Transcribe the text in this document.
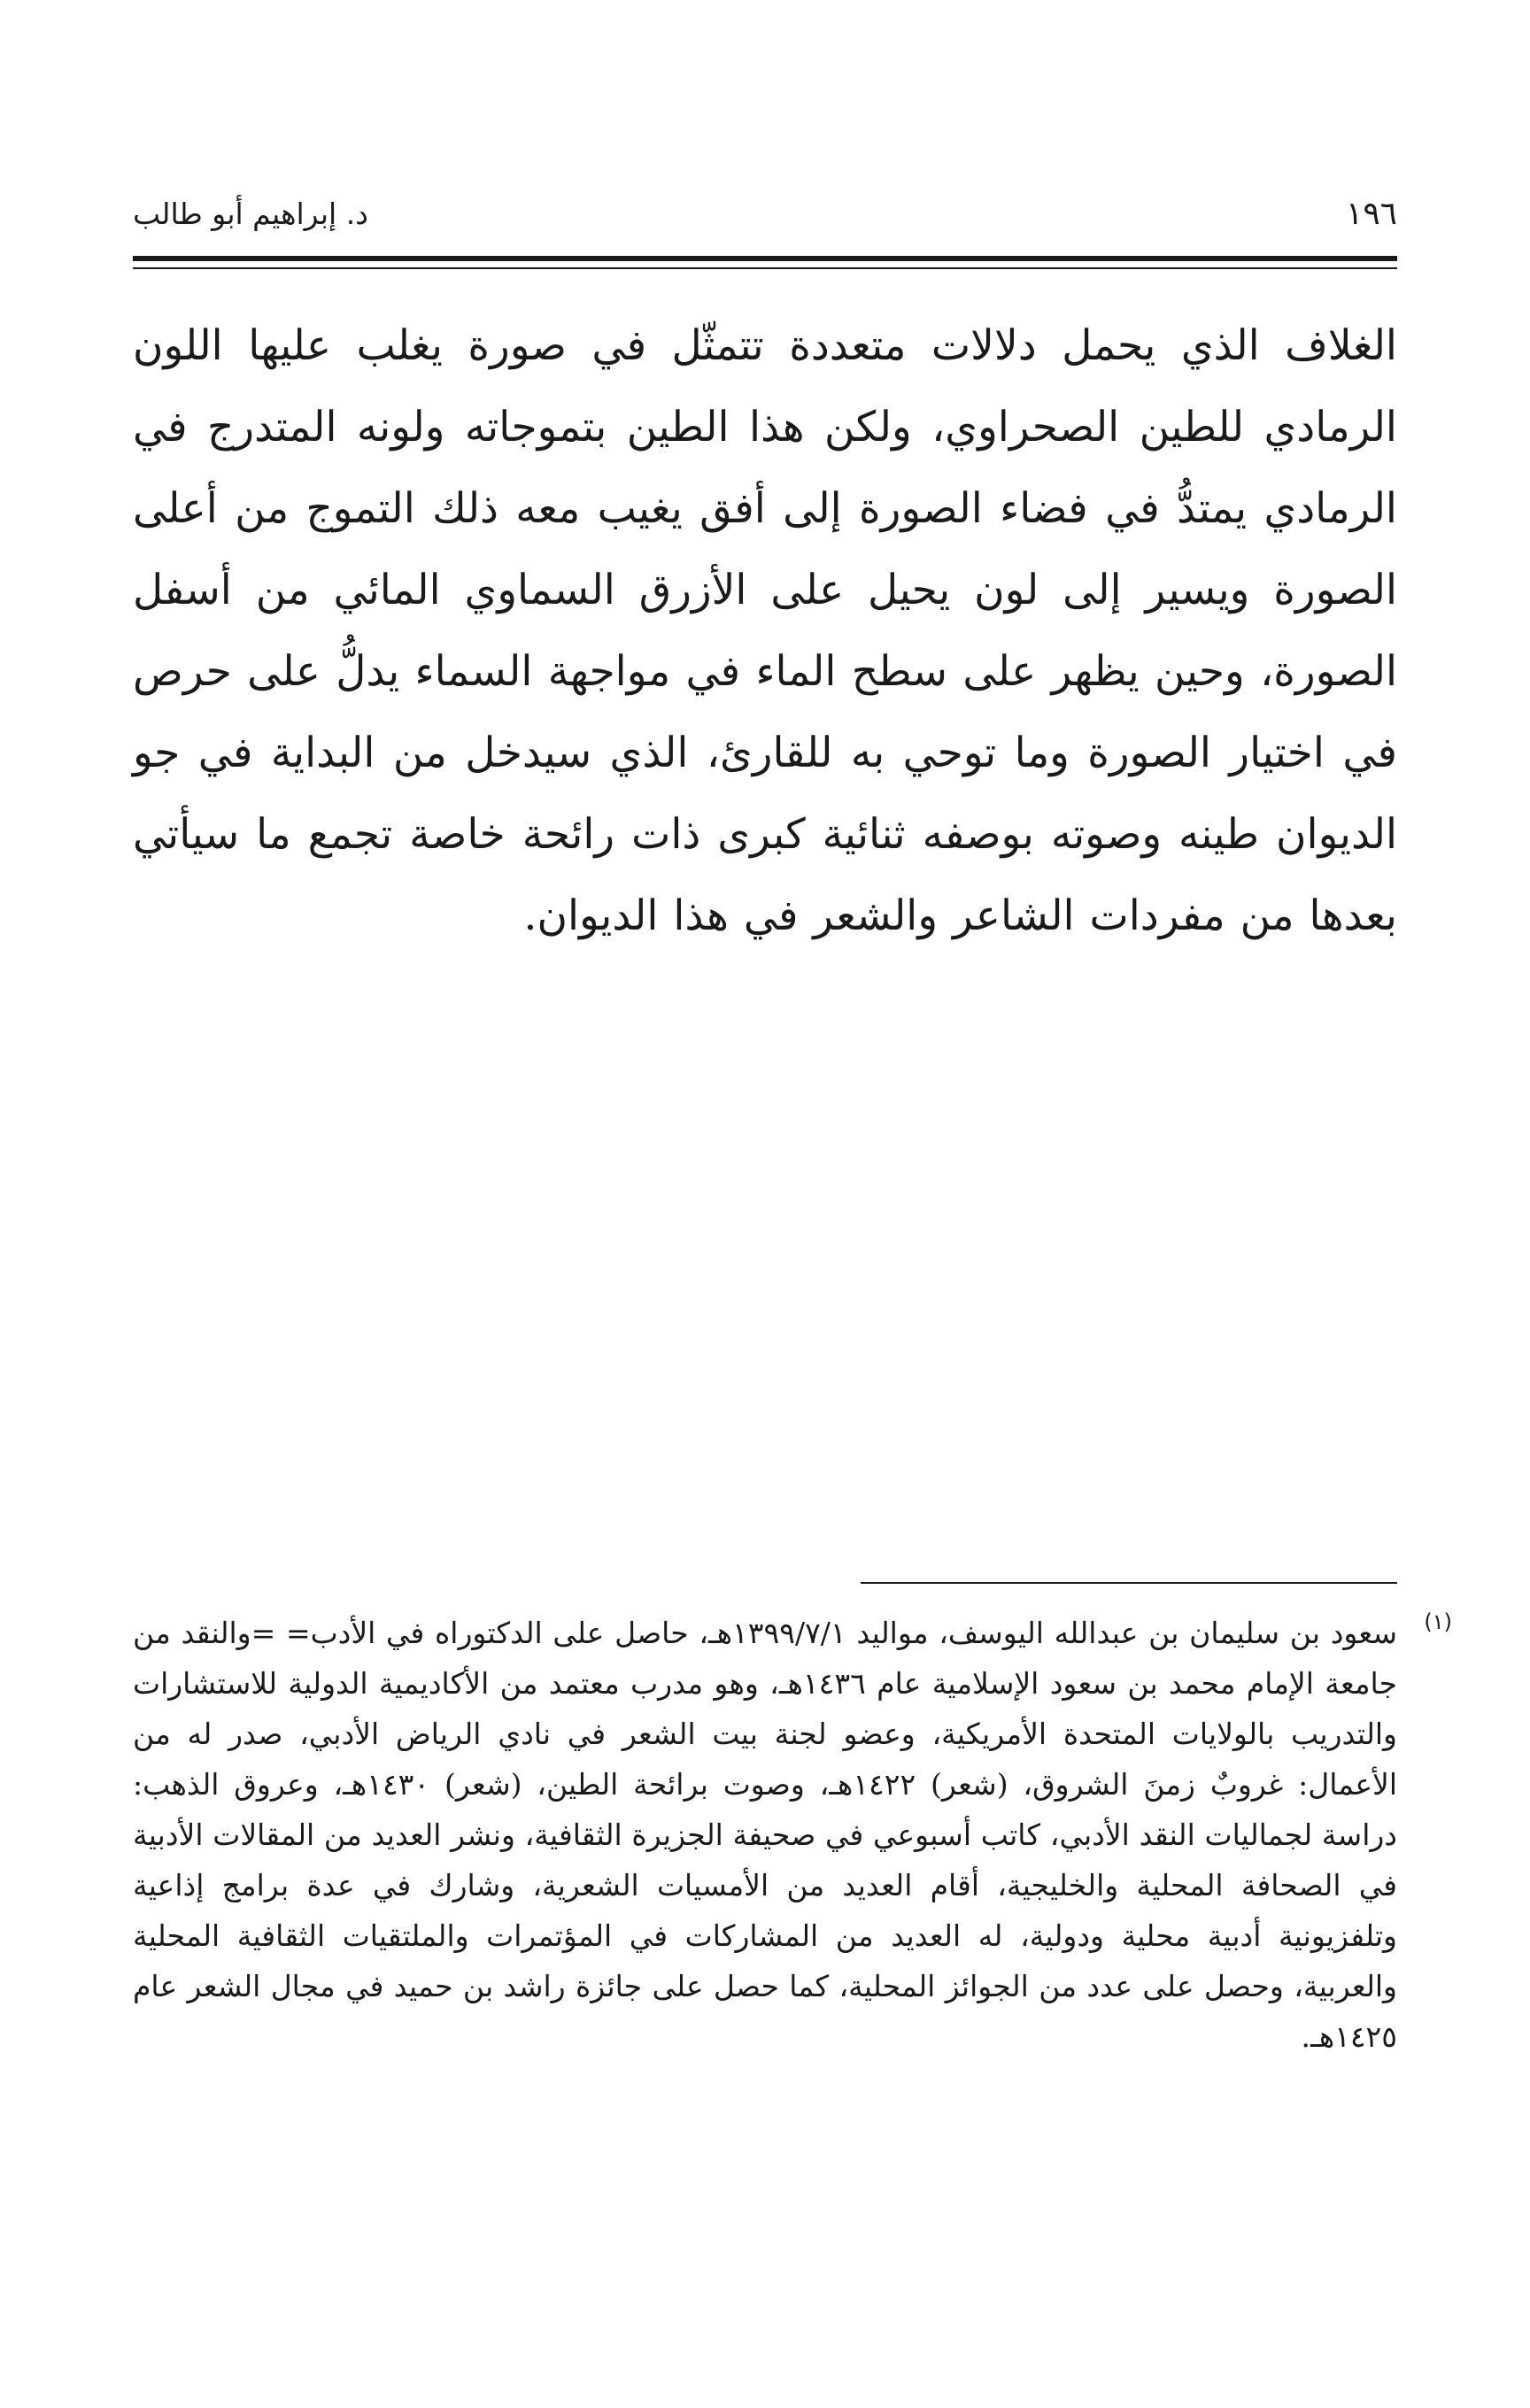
١٩٦
د. إبراهيم أبو طالب

الغلاف الذي يحمل دلالات متعددة تتمثّل في صورة يغلب عليها اللون الرمادي للطين الصحراوي، ولكن هذا الطين بتموجاته ولونه المتدرج في الرمادي يمتدُّ في فضاء الصورة إلى أفق يغيب معه ذلك التموج من أعلى الصورة ويسير إلى لون يحيل على الأزرق السماوي المائي من أسفل الصورة، وحين يظهر على سطح الماء في مواجهة السماء يدلُّ على حرص في اختيار الصورة وما توحي به للقارئ، الذي سيدخل من البداية في جو الديوان طينه وصوته بوصفه ثنائية كبرى ذات رائحة خاصة تجمع ما سيأتي بعدها من مفردات الشاعر والشعر في هذا الديوان.

(١)

سعود بن سليمان بن عبدالله اليوسف، مواليد ١٣٩٩/٧/١هـ، حاصل على الدكتوراه في الأدب= =والنقد من جامعة الإمام محمد بن سعود الإسلامية عام ١٤٣٦هـ، وهو مدرب معتمد من الأكاديمية الدولية للاستشارات والتدريب بالولايات المتحدة الأمريكية، وعضو لجنة بيت الشعر في نادي الرياض الأدبي، صدر له من الأعمال: غروبٌ زمنَ الشروق، (شعر) ١٤٢٢هـ، وصوت برائحة الطين، (شعر) ١٤٣٠هـ، وعروق الذهب: دراسة لجماليات النقد الأدبي، كاتب أسبوعي في صحيفة الجزيرة الثقافية، ونشر العديد من المقالات الأدبية في الصحافة المحلية والخليجية، أقام العديد من الأمسيات الشعرية، وشارك في عدة برامج إذاعية وتلفزيونية أدبية محلية ودولية، له العديد من المشاركات في المؤتمرات والملتقيات الثقافية المحلية والعربية، وحصل على عدد من الجوائز المحلية، كما حصل على جائزة راشد بن حميد في مجال الشعر عام ١٤٢٥هـ.
